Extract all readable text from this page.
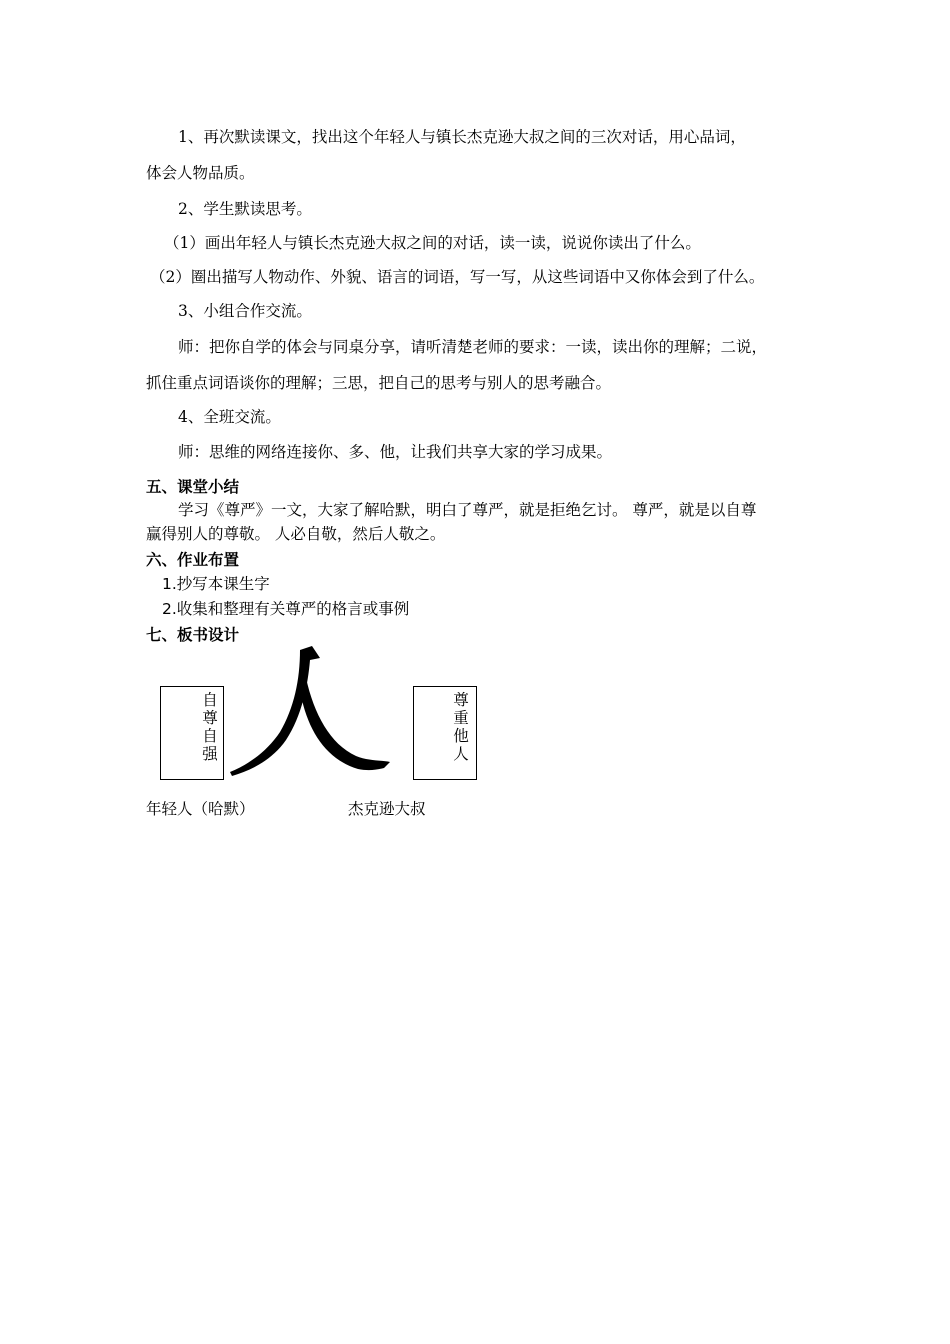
1、再次默读课文，找出这个年轻人与镇长杰克逊大叔之间的三次对话，用心品词，
体会人物品质。
2、学生默读思考。
（1）画出年轻人与镇长杰克逊大叔之间的对话，读一读，说说你读出了什么。
（2）圈出描写人物动作、外貌、语言的词语，写一写，从这些词语中又你体会到了什么。
3、小组合作交流。
师：把你自学的体会与同桌分享，请听清楚老师的要求：一读，读出你的理解；二说，
抓住重点词语谈你的理解；三思，把自己的思考与别人的思考融合。
4、全班交流。
师：思维的网络连接你、多、他，让我们共享大家的学习成果。
五、课堂小结
学习《尊严》一文，大家了解哈默，明白了尊严，就是拒绝乞讨。 尊严，就是以自尊
赢得别人的尊敬。 人必自敬，然后人敬之。
六、作业布置
1.抄写本课生字
2.收集和整理有关尊严的格言或事例
七、板书设计
自尊自强
尊重他人
年轻人（哈默）	杰克逊大叔
